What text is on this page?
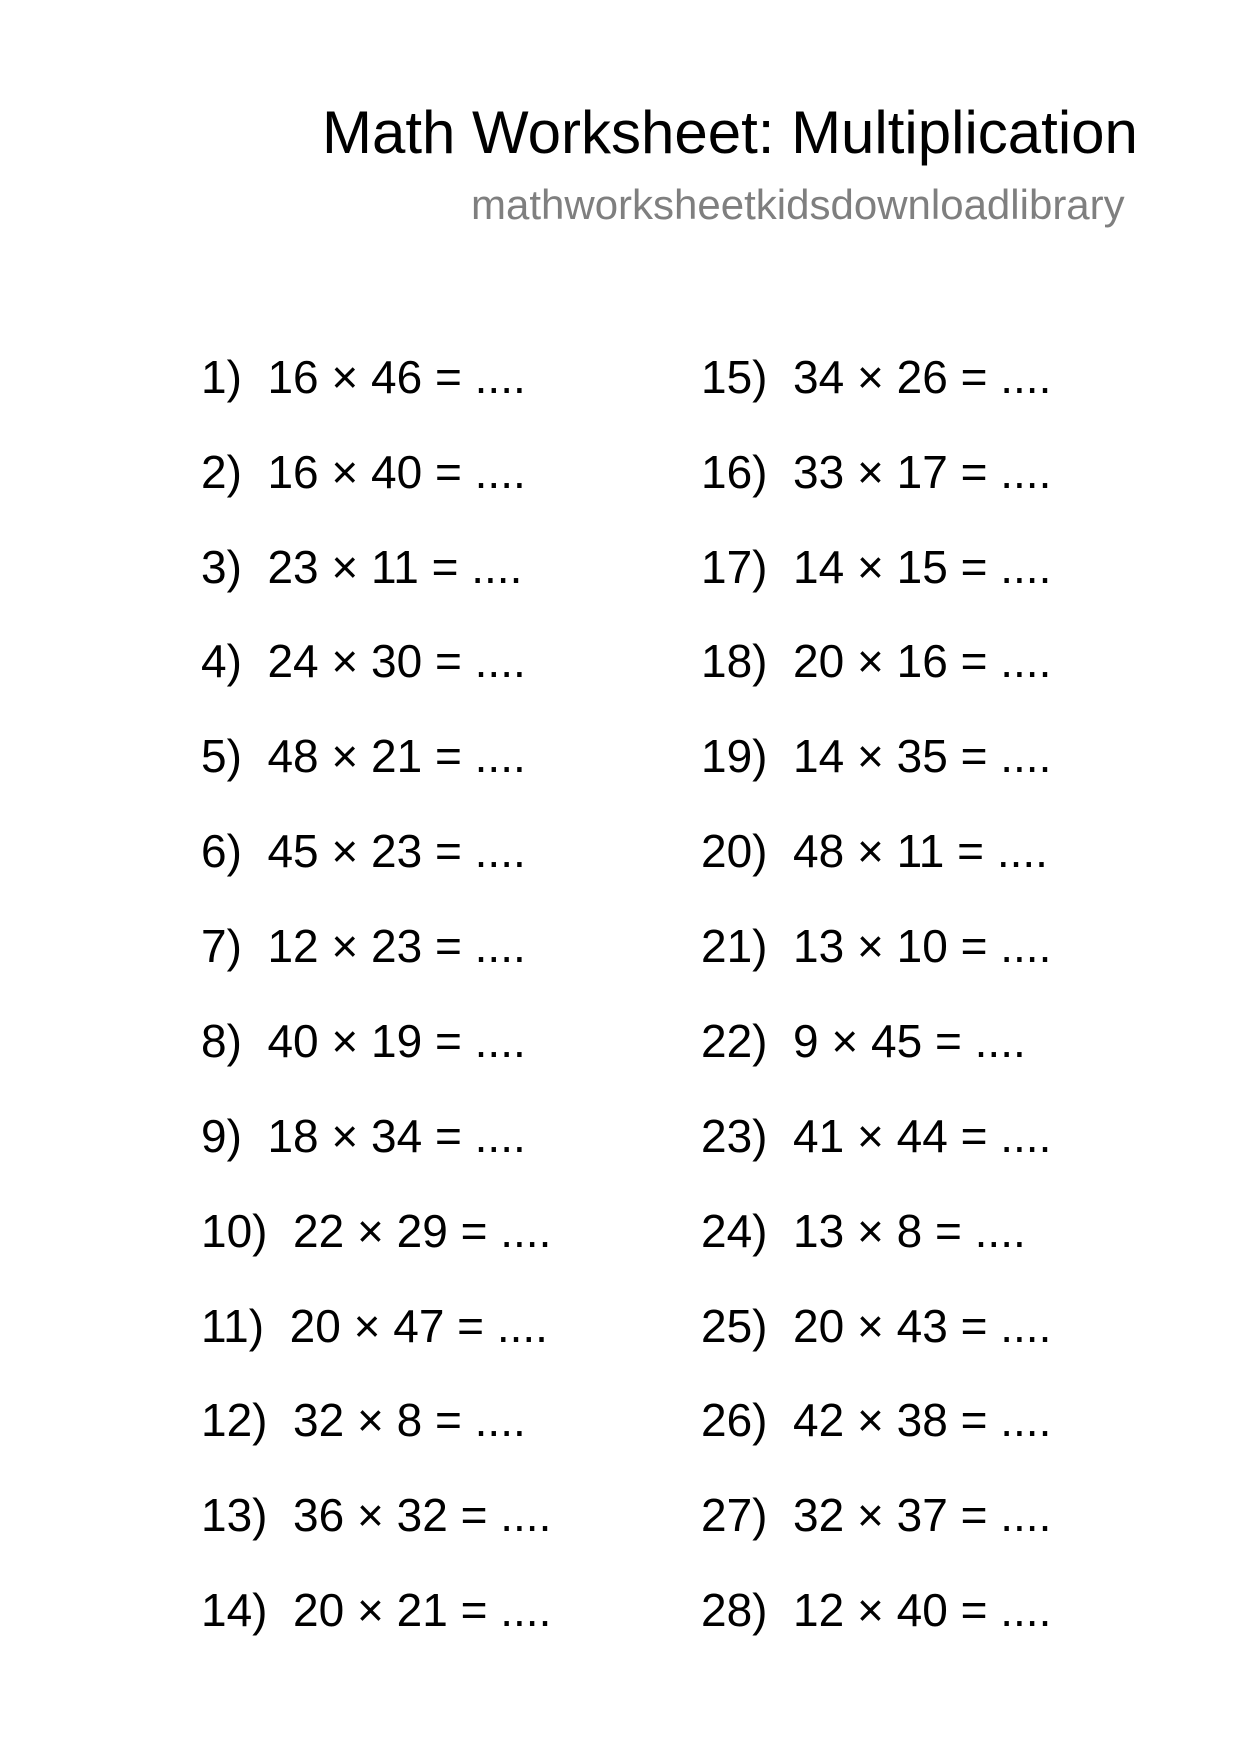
Math Worksheet: Multiplication
mathworksheetkidsdownloadlibrary
1) 16 × 46 = ....
2) 16 × 40 = ....
3) 23 × 11 = ....
4) 24 × 30 = ....
5) 48 × 21 = ....
6) 45 × 23 = ....
7) 12 × 23 = ....
8) 40 × 19 = ....
9) 18 × 34 = ....
10) 22 × 29 = ....
11) 20 × 47 = ....
12) 32 × 8 = ....
13) 36 × 32 = ....
14) 20 × 21 = ....
15) 34 × 26 = ....
16) 33 × 17 = ....
17) 14 × 15 = ....
18) 20 × 16 = ....
19) 14 × 35 = ....
20) 48 × 11 = ....
21) 13 × 10 = ....
22) 9 × 45 = ....
23) 41 × 44 = ....
24) 13 × 8 = ....
25) 20 × 43 = ....
26) 42 × 38 = ....
27) 32 × 37 = ....
28) 12 × 40 = ....
